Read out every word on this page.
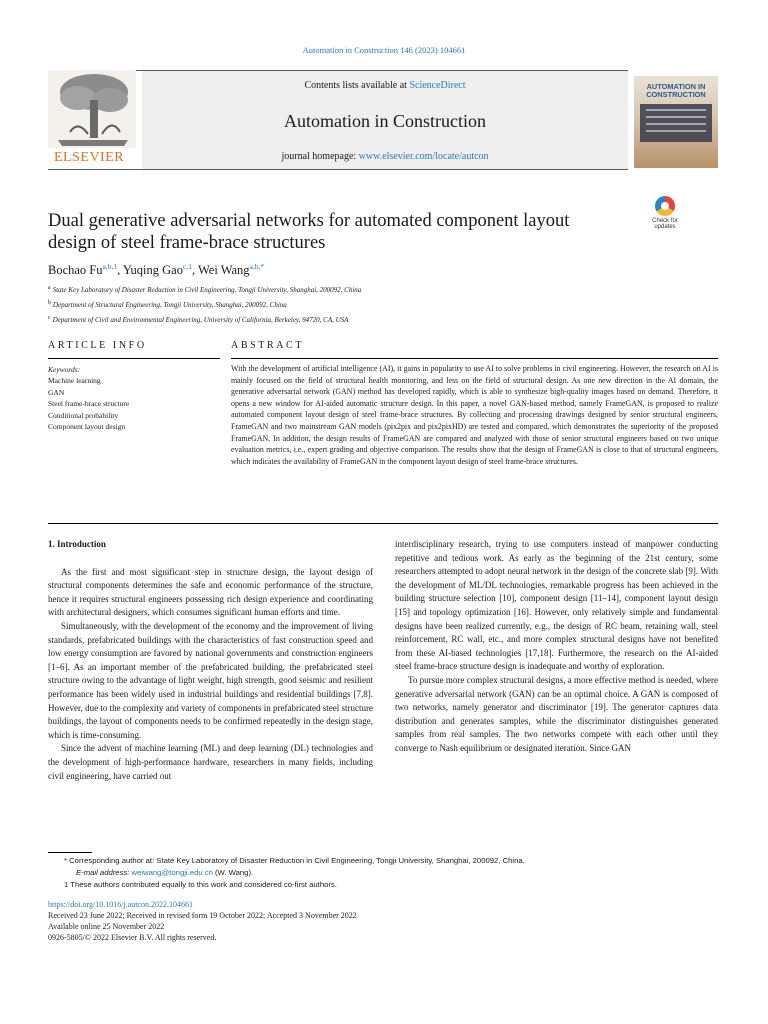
Automation in Construction 146 (2023) 104661
ELSEVIER
Contents lists available at ScienceDirect
Automation in Construction
journal homepage: www.elsevier.com/locate/autcon
AUTOMATION IN CONSTRUCTION
Dual generative adversarial networks for automated component layout design of steel frame-brace structures
Check for
updates
Bochao Fu$^{a,b,1}$, Yuqing Gao$^{c,1}$, Wei Wang$^{a,b,*}$
$^a$ State Key Laboratory of Disaster Reduction in Civil Engineering, Tongji University, Shanghai, 200092, China
$^b$ Department of Structural Engineering, Tongji University, Shanghai, 200092, China
$^c$ Department of Civil and Environmental Engineering, University of California, Berkeley, 94720, CA, USA
ARTICLE INFO	ABSTRACT
Keywords:
Machine learning
GAN
Steel frame-brace structure
Conditional probability
Component layout design
With the development of artificial intelligence (AI), it gains in popularity to use AI to solve problems in civil engineering. However, the research on AI is mainly focused on the field of structural health monitoring, and less on the field of structural design. As one new direction in the AI domain, the generative adversarial network (GAN) method has developed rapidly, which is able to synthesize high-quality images based on demand. Therefore, it opens a new window for AI-aided automatic structure design. In this paper, a novel GAN-based method, namely FrameGAN, is proposed to realize automated component layout design of steel frame-brace structures. By collecting and processing drawings designed by senior structural engineers, FrameGAN and two mainstream GAN models (pix2pix and pix2pixHD) are tested and compared, which demonstrates the superiority of the proposed FrameGAN. In addition, the design results of FrameGAN are compared and analyzed with those of senior structural engineers based on two unique evaluation metrics, i.e., expert grading and objective comparison. The results show that the design of FrameGAN is close to that of structural engineers, which indicates the availability of FrameGAN in the component layout design of steel frame-brace structures.
1. Introduction

As the first and most significant step in structure design, the layout design of structural components determines the safe and economic performance of the structure, hence it requires structural engineers possessing rich design experience and coordinating with architectural designers, which consumes significant human efforts and time.

Simultaneously, with the development of the economy and the improvement of living standards, prefabricated buildings with the characteristics of fast construction speed and low energy consumption are favored by national governments and construction engineers [1–6]. As an important member of the prefabricated building, the prefabricated steel structure owing to the advantage of light weight, high strength, good seismic and resilient performance has been widely used in industrial buildings and residential buildings [7,8]. However, due to the complexity and variety of components in prefabricated steel structure buildings, the layout of components needs to be confirmed repeatedly in the design stage, which is time-consuming.

Since the advent of machine learning (ML) and deep learning (DL) technologies and the development of high-performance hardware, researchers in many fields, including civil engineering, have carried out

interdisciplinary research, trying to use computers instead of manpower conducting repetitive and tedious work. As early as the beginning of the 21st century, some researchers attempted to adopt neural network in the design of the concrete slab [9]. With the development of ML/DL technologies, remarkable progress has been achieved in the building structure selection [10], component design [11–14], component layout design [15] and topology optimization [16]. However, only relatively simple and fundamental designs have been realized currently, e.g., the design of RC beam, retaining wall, steel reinforcement, RC wall, etc., and more complex structural designs have not benefited from these AI-based technologies [17,18]. Furthermore, the research on the AI-aided steel frame-brace structure design is inadequate and worthy of exploration.

To pursue more complex structural designs, a more effective method is needed, where generative adversarial network (GAN) can be an optimal choice. A GAN is composed of two networks, namely generator and discriminator [19]. The generator captures data distribution and generates samples, while the discriminator distinguishes generated samples from real samples. The two networks compete with each other until they converge to Nash equilibrium or designated iteration. Since GAN

* Corresponding author at: State Key Laboratory of Disaster Reduction in Civil Engineering, Tongji University, Shanghai, 200092, China.
E-mail address: weiwang@tongji.edu.cn (W. Wang).
1 These authors contributed equally to this work and considered co-first authors.
https://doi.org/10.1016/j.autcon.2022.104661
Received 23 June 2022; Received in revised form 19 October 2022; Accepted 3 November 2022
Available online 25 November 2022
0926-5805/© 2022 Elsevier B.V. All rights reserved.
